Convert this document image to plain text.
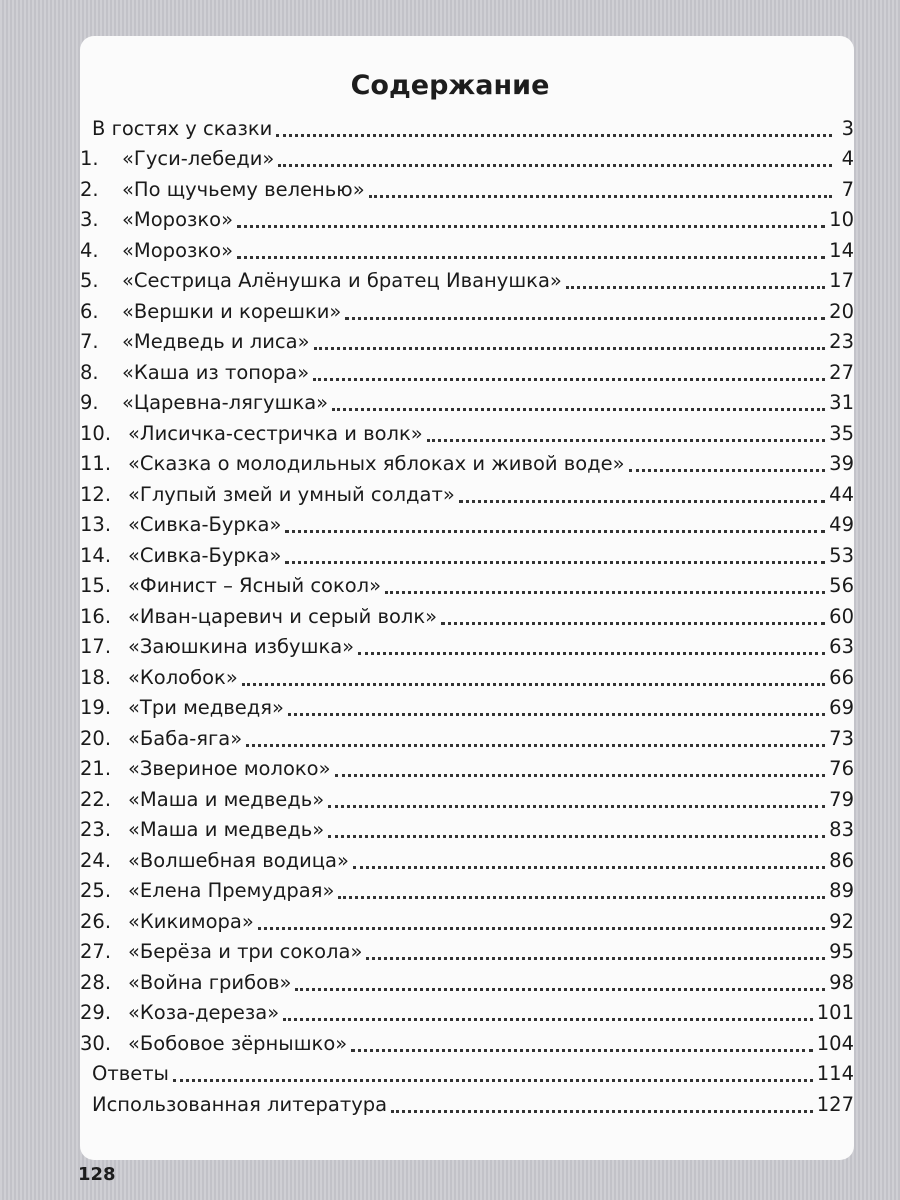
Содержание
В гостях у сказки	3
1.	«Гуси-лебеди»	4
2.	«По щучьему веленью»	7
3.	«Морозко»	10
4.	«Морозко»	14
5.	«Сестрица Алёнушка и братец Иванушка»	17
6.	«Вершки и корешки»	20
7.	«Медведь и лиса»	23
8.	«Каша из топора»	27
9.	«Царевна-лягушка»	31
10. «Лисичка-сестричка и волк»	35
11. «Сказка о молодильных яблоках и живой воде»	39
12. «Глупый змей и умный солдат»	44
13. «Сивка-Бурка»	49
14. «Сивка-Бурка»	53
15. «Финист – Ясный сокол»	56
16. «Иван-царевич и серый волк»	60
17. «Заюшкина избушка»	63
18. «Колобок»	66
19. «Три медведя»	69
20. «Баба-яга»	73
21. «Звериное молоко»	76
22. «Маша и медведь»	79
23. «Маша и медведь»	83
24. «Волшебная водица»	86
25. «Елена Премудрая»	89
26. «Кикимора»	92
27. «Берёза и три сокола»	95
28. «Война грибов»	98
29. «Коза-дереза»	101
30. «Бобовое зёрнышко»	104
Ответы	114
Использованная литература	127
128
